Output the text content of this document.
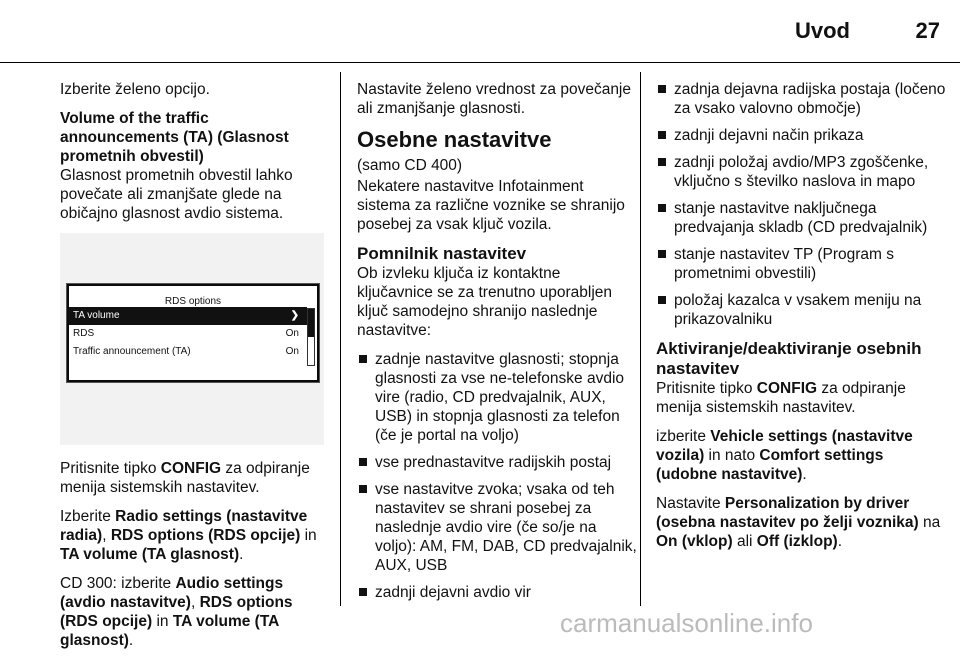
Uvod	27

Izberite želeno opcijo.

Volume of the traffic announcements (TA) (Glasnost prometnih obvestil)

Glasnost prometnih obvestil lahko povečate ali zmanjšate glede na običajno glasnost avdio sistema.

RDS options
TA volume	❯
RDS	On
Traffic announcement (TA)	On

Pritisnite tipko CONFIG za odpiranje menija sistemskih nastavitev.

Izberite Radio settings (nastavitve radia), RDS options (RDS opcije) in TA volume (TA glasnost).

CD 300: izberite Audio settings (avdio nastavitve), RDS options (RDS opcije) in TA volume (TA glasnost).

Nastavite želeno vrednost za povečanje ali zmanjšanje glasnosti.

Osebne nastavitve

(samo CD 400)

Nekatere nastavitve Infotainment sistema za različne voznike se shranijo posebej za vsak ključ vozila.

Pomnilnik nastavitev

Ob izvleku ključa iz kontaktne ključavnice se za trenutno uporabljen ključ samodejno shranijo naslednje nastavitve:

zadnje nastavitve glasnosti; stopnja glasnosti za vse ne-telefonske avdio vire (radio, CD predvajalnik, AUX, USB) in stopnja glasnosti za telefon (če je portal na voljo)
vse prednastavitve radijskih postaj
vse nastavitve zvoka; vsaka od teh nastavitev se shrani posebej za naslednje avdio vire (če so/je na voljo): AM, FM, DAB, CD predvajalnik, AUX, USB
zadnji dejavni avdio vir
zadnja dejavna radijska postaja (ločeno za vsako valovno območje)
zadnji dejavni način prikaza
zadnji položaj avdio/MP3 zgoščenke, vključno s številko naslova in mapo
stanje nastavitve naključnega predvajanja skladb (CD predvajalnik)
stanje nastavitev TP (Program s prometnimi obvestili)
položaj kazalca v vsakem meniju na prikazovalniku
Aktiviranje/deaktiviranje osebnih nastavitev

Pritisnite tipko CONFIG za odpiranje menija sistemskih nastavitev.

izberite Vehicle settings (nastavitve vozila) in nato Comfort settings (udobne nastavitve).

Nastavite Personalization by driver (osebna nastavitev po želji voznika) na On (vklop) ali Off (izklop).

carmanualsonline.info
